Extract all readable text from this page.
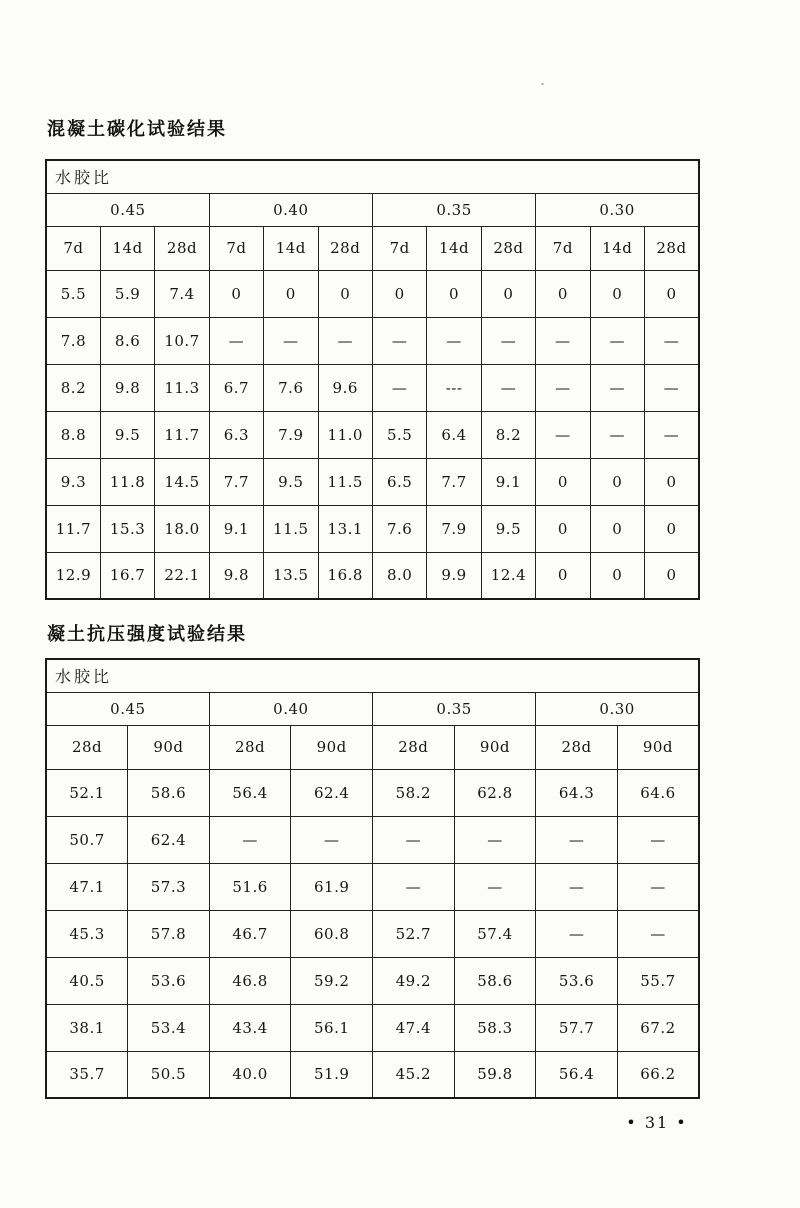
混凝土碳化试验结果
水胶比											
0.45			0.40			0.35			0.30		
7d	14d	28d	7d	14d	28d	7d	14d	28d	7d	14d	28d
5.5	5.9	7.4	0	0	0	0	0	0	0	0	0
7.8	8.6	10.7	—	—	—	—	—	—	—	—	—
8.2	9.8	11.3	6.7	7.6	9.6	—	---	—	—	—	—
8.8	9.5	11.7	6.3	7.9	11.0	5.5	6.4	8.2	—	—	—
9.3	11.8	14.5	7.7	9.5	11.5	6.5	7.7	9.1	0	0	0
11.7	15.3	18.0	9.1	11.5	13.1	7.6	7.9	9.5	0	0	0
12.9	16.7	22.1	9.8	13.5	16.8	8.0	9.9	12.4	0	0	0
凝土抗压强度试验结果
水胶比							
0.45		0.40		0.35		0.30	
28d	90d	28d	90d	28d	90d	28d	90d
52.1	58.6	56.4	62.4	58.2	62.8	64.3	64.6
50.7	62.4	—	—	—	—	—	—
47.1	57.3	51.6	61.9	—	—	—	—
45.3	57.8	46.7	60.8	52.7	57.4	—	—
40.5	53.6	46.8	59.2	49.2	58.6	53.6	55.7
38.1	53.4	43.4	56.1	47.4	58.3	57.7	67.2
35.7	50.5	40.0	51.9	45.2	59.8	56.4	66.2
• 31 •
